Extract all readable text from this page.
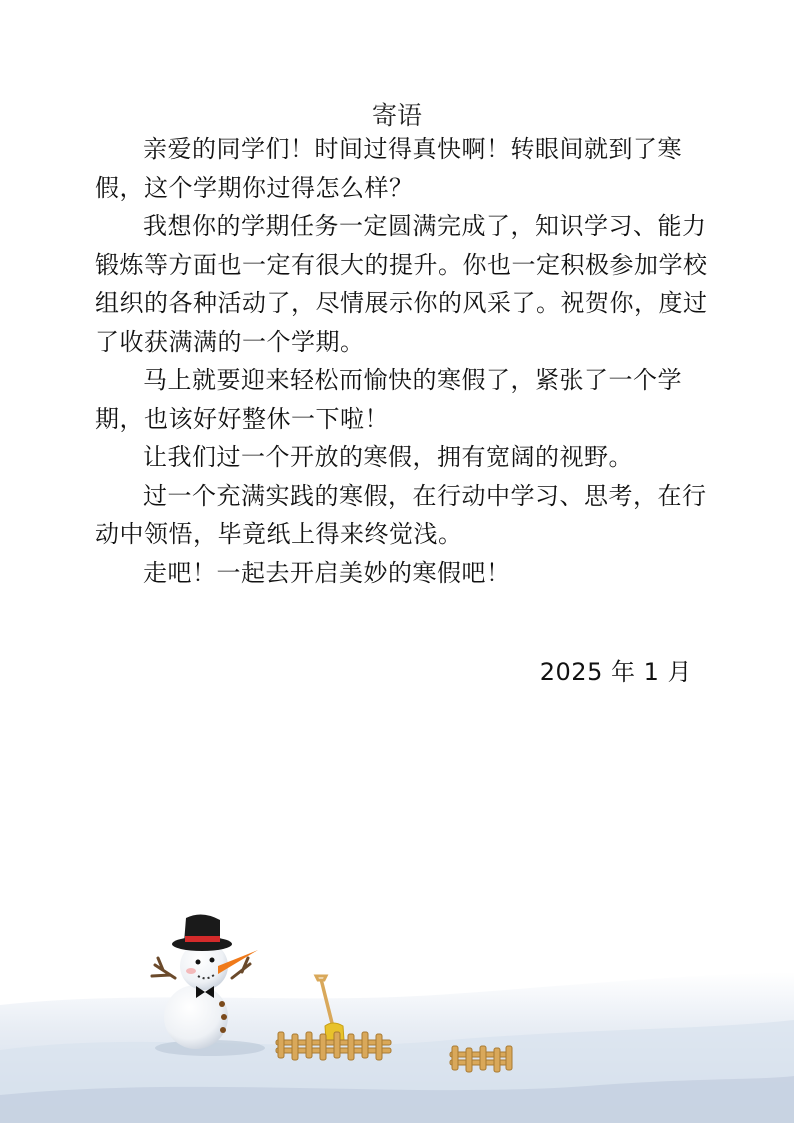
寄语

亲爱的同学们！时间过得真快啊！转眼间就到了寒假，这个学期你过得怎么样？

我想你的学期任务一定圆满完成了，知识学习、能力锻炼等方面也一定有很大的提升。你也一定积极参加学校组织的各种活动了，尽情展示你的风采了。祝贺你，度过了收获满满的一个学期。

马上就要迎来轻松而愉快的寒假了，紧张了一个学期，也该好好整休一下啦！

让我们过一个开放的寒假，拥有宽阔的视野。

过一个充满实践的寒假，在行动中学习、思考，在行动中领悟，毕竟纸上得来终觉浅。

走吧！一起去开启美妙的寒假吧！

2025 年 1 月
